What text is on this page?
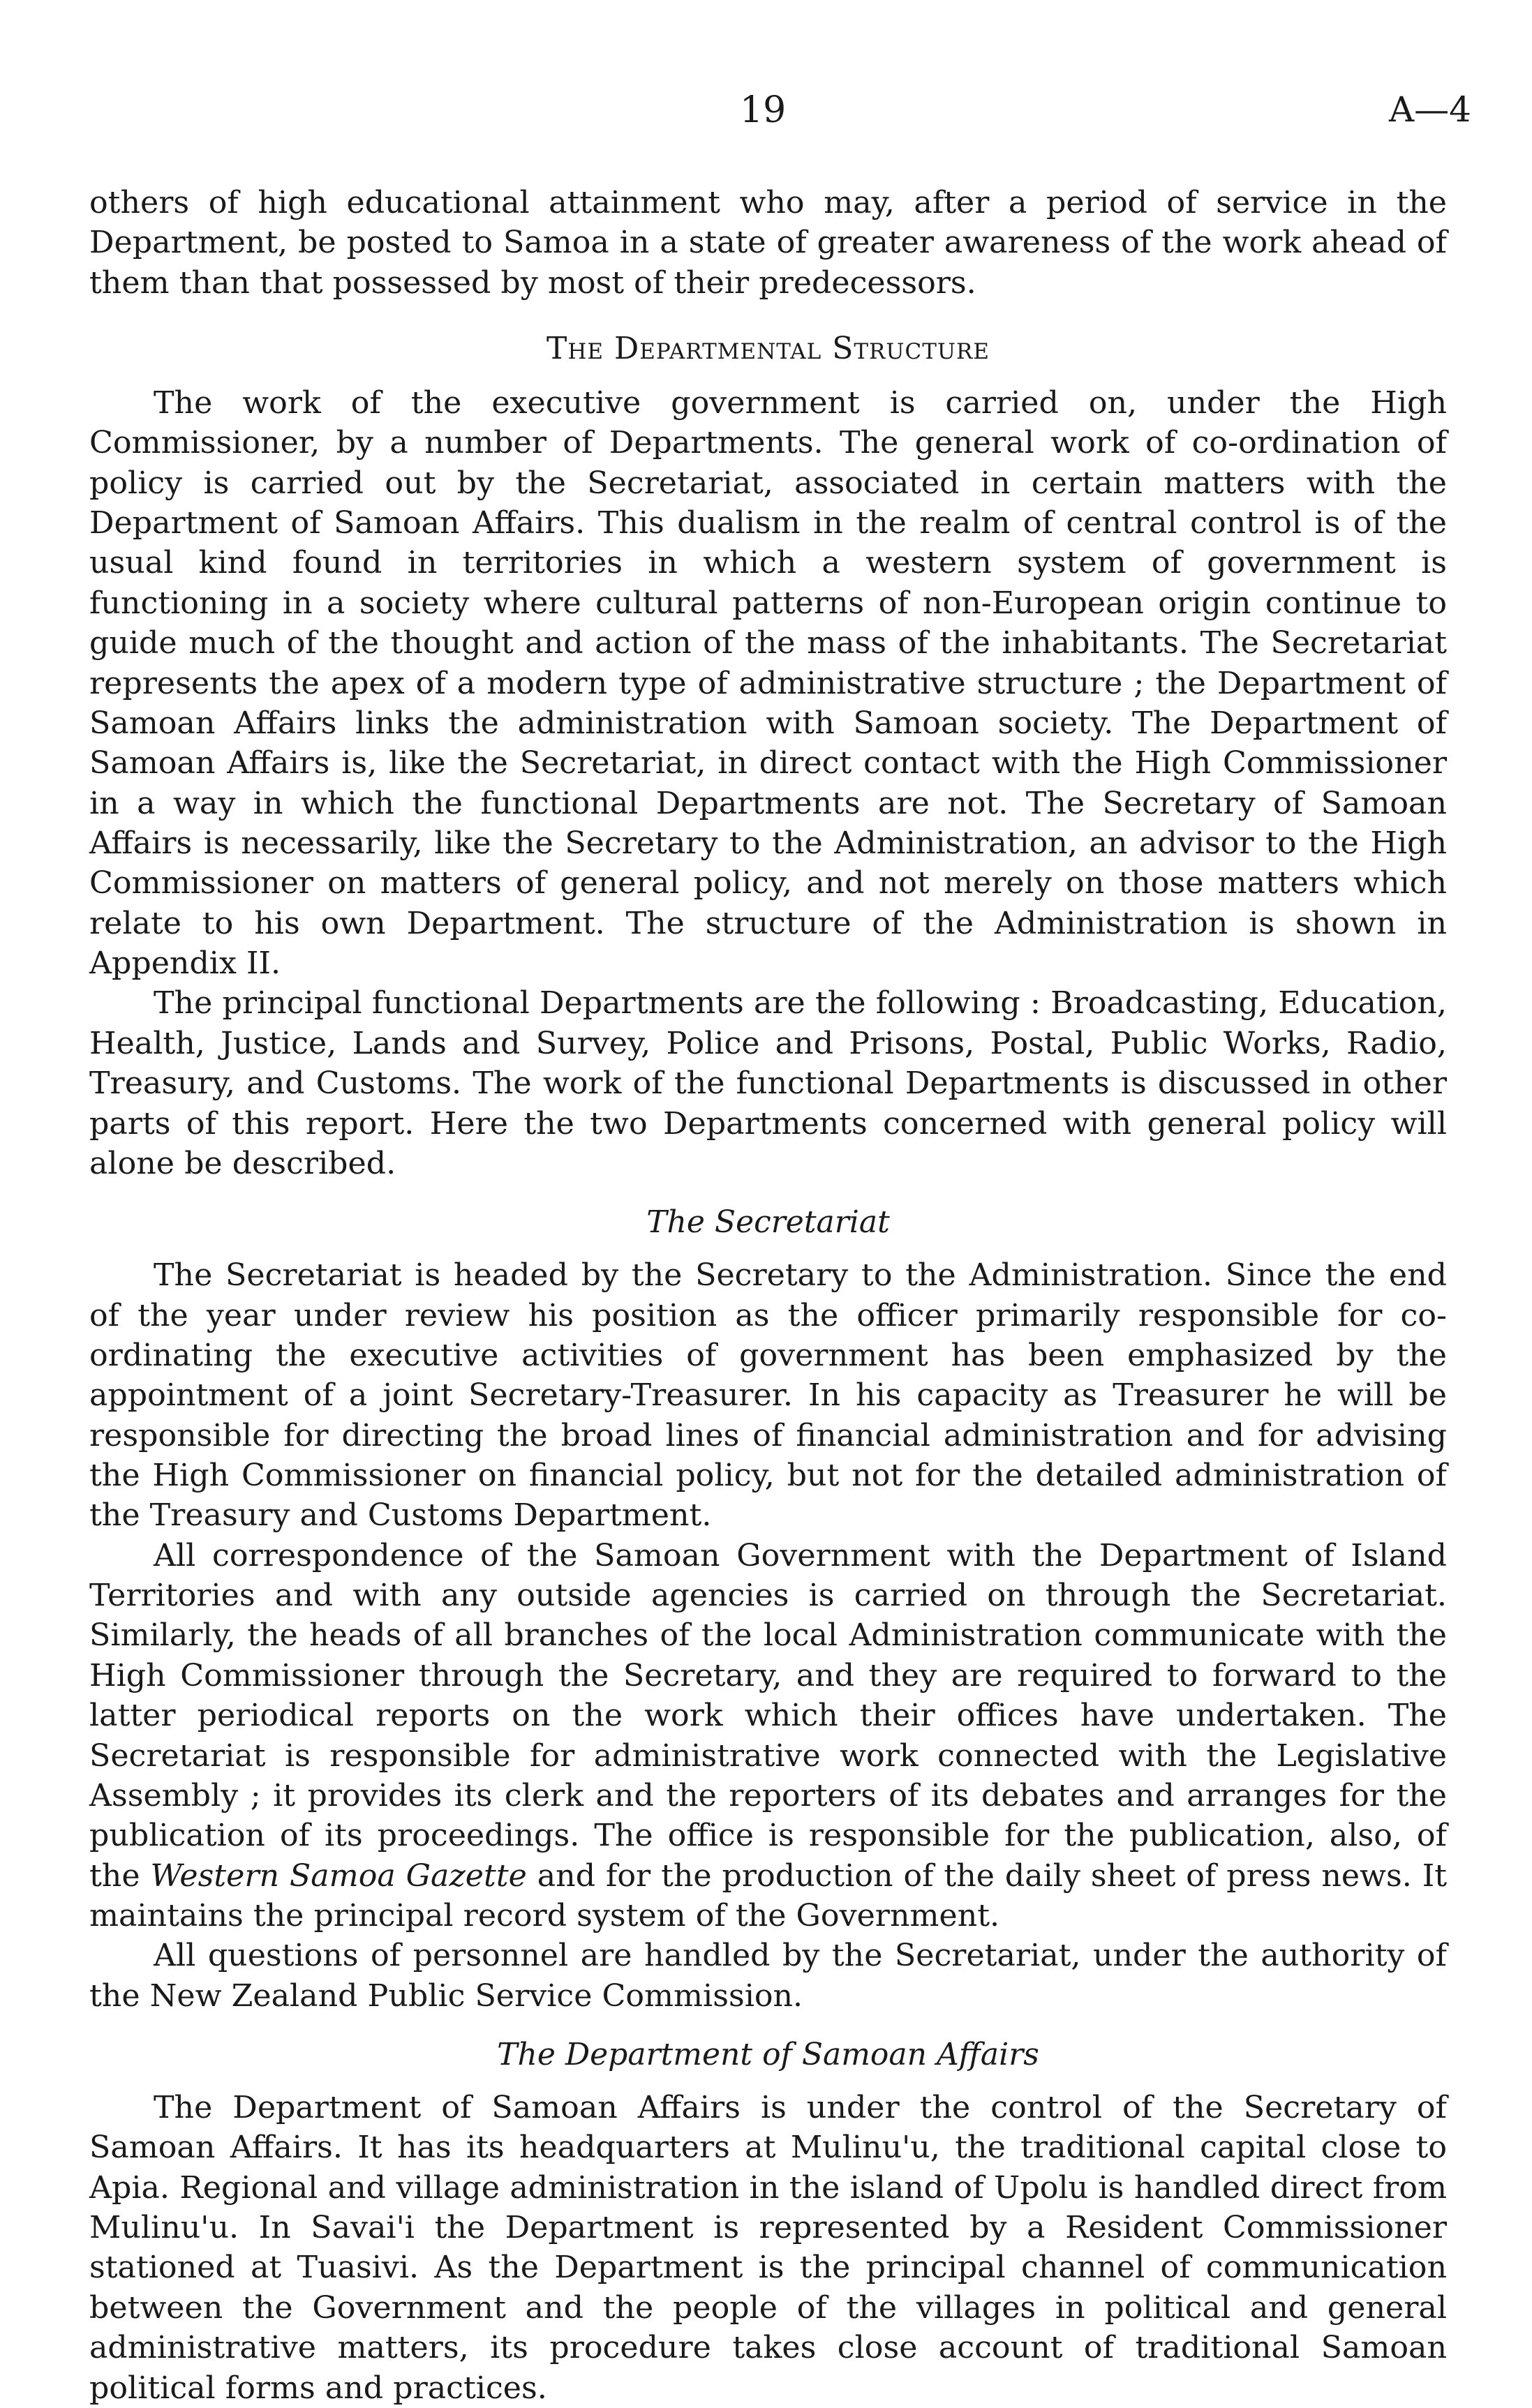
19	A—4

others of high educational attainment who may, after a period of service in the Department, be posted to Samoa in a state of greater awareness of the work ahead of them than that possessed by most of their predecessors.

The Departmental Structure

The work of the executive government is carried on, under the High Commissioner, by a number of Departments. The general work of co-ordination of policy is carried out by the Secretariat, associated in certain matters with the Department of Samoan Affairs. This dualism in the realm of central control is of the usual kind found in territories in which a western system of government is functioning in a society where cultural patterns of non-European origin continue to guide much of the thought and action of the mass of the inhabitants. The Secretariat represents the apex of a modern type of administrative structure ; the Department of Samoan Affairs links the administration with Samoan society. The Department of Samoan Affairs is, like the Secretariat, in direct contact with the High Commissioner in a way in which the functional Departments are not. The Secretary of Samoan Affairs is necessarily, like the Secretary to the Administration, an advisor to the High Commissioner on matters of general policy, and not merely on those matters which relate to his own Department. The structure of the Administration is shown in Appendix II.

The principal functional Departments are the following : Broadcasting, Education, Health, Justice, Lands and Survey, Police and Prisons, Postal, Public Works, Radio, Treasury, and Customs. The work of the functional Departments is discussed in other parts of this report. Here the two Departments concerned with general policy will alone be described.

The Secretariat

The Secretariat is headed by the Secretary to the Administration. Since the end of the year under review his position as the officer primarily responsible for co-ordinating the executive activities of government has been emphasized by the appointment of a joint Secretary-Treasurer. In his capacity as Treasurer he will be responsible for directing the broad lines of financial administration and for advising the High Commissioner on financial policy, but not for the detailed administration of the Treasury and Customs Department.

All correspondence of the Samoan Government with the Department of Island Territories and with any outside agencies is carried on through the Secretariat. Similarly, the heads of all branches of the local Administration communicate with the High Commissioner through the Secretary, and they are required to forward to the latter periodical reports on the work which their offices have undertaken. The Secretariat is responsible for administrative work connected with the Legislative Assembly ; it provides its clerk and the reporters of its debates and arranges for the publication of its proceedings. The office is responsible for the publication, also, of the Western Samoa Gazette and for the production of the daily sheet of press news. It maintains the principal record system of the Government.

All questions of personnel are handled by the Secretariat, under the authority of the New Zealand Public Service Commission.

The Department of Samoan Affairs

The Department of Samoan Affairs is under the control of the Secretary of Samoan Affairs. It has its headquarters at Mulinu'u, the traditional capital close to Apia. Regional and village administration in the island of Upolu is handled direct from Mulinu'u. In Savai'i the Department is represented by a Resident Commissioner stationed at Tuasivi. As the Department is the principal channel of communication between the Government and the people of the villages in political and general administrative matters, its procedure takes close account of traditional Samoan political forms and practices.
